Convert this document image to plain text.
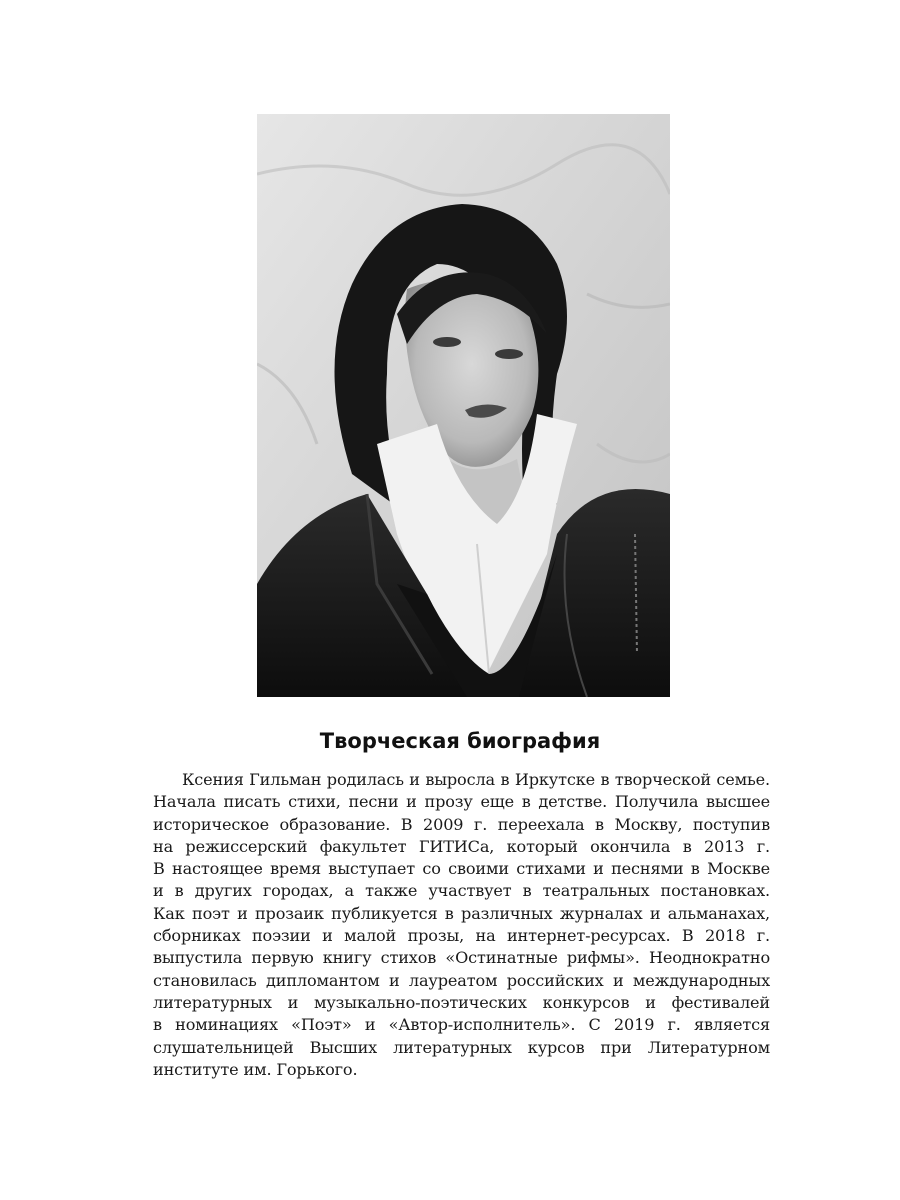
Творческая биография
Ксения Гильман родилась и выросла в Иркутске в творческой семье.
Начала писать стихи, песни и прозу еще в детстве. Получила высшее
историческое образование. В 2009 г. переехала в Москву, поступив
на режиссерский факультет ГИТИСа, который окончила в 2013 г.
В настоящее время выступает со своими стихами и песнями в Москве
и в других городах, а также участвует в театральных постановках.
Как поэт и прозаик публикуется в различных журналах и альманахах,
сборниках поэзии и малой прозы, на интернет-ресурсах. В 2018 г.
выпустила первую книгу стихов «Остинатные рифмы». Неоднократно
становилась дипломантом и лауреатом российских и международных
литературных и музыкально-поэтических конкурсов и фестивалей
в номинациях «Поэт» и «Автор-исполнитель». С 2019 г. является
слушательницей Высших литературных курсов при Литературном
институте им. Горького.
